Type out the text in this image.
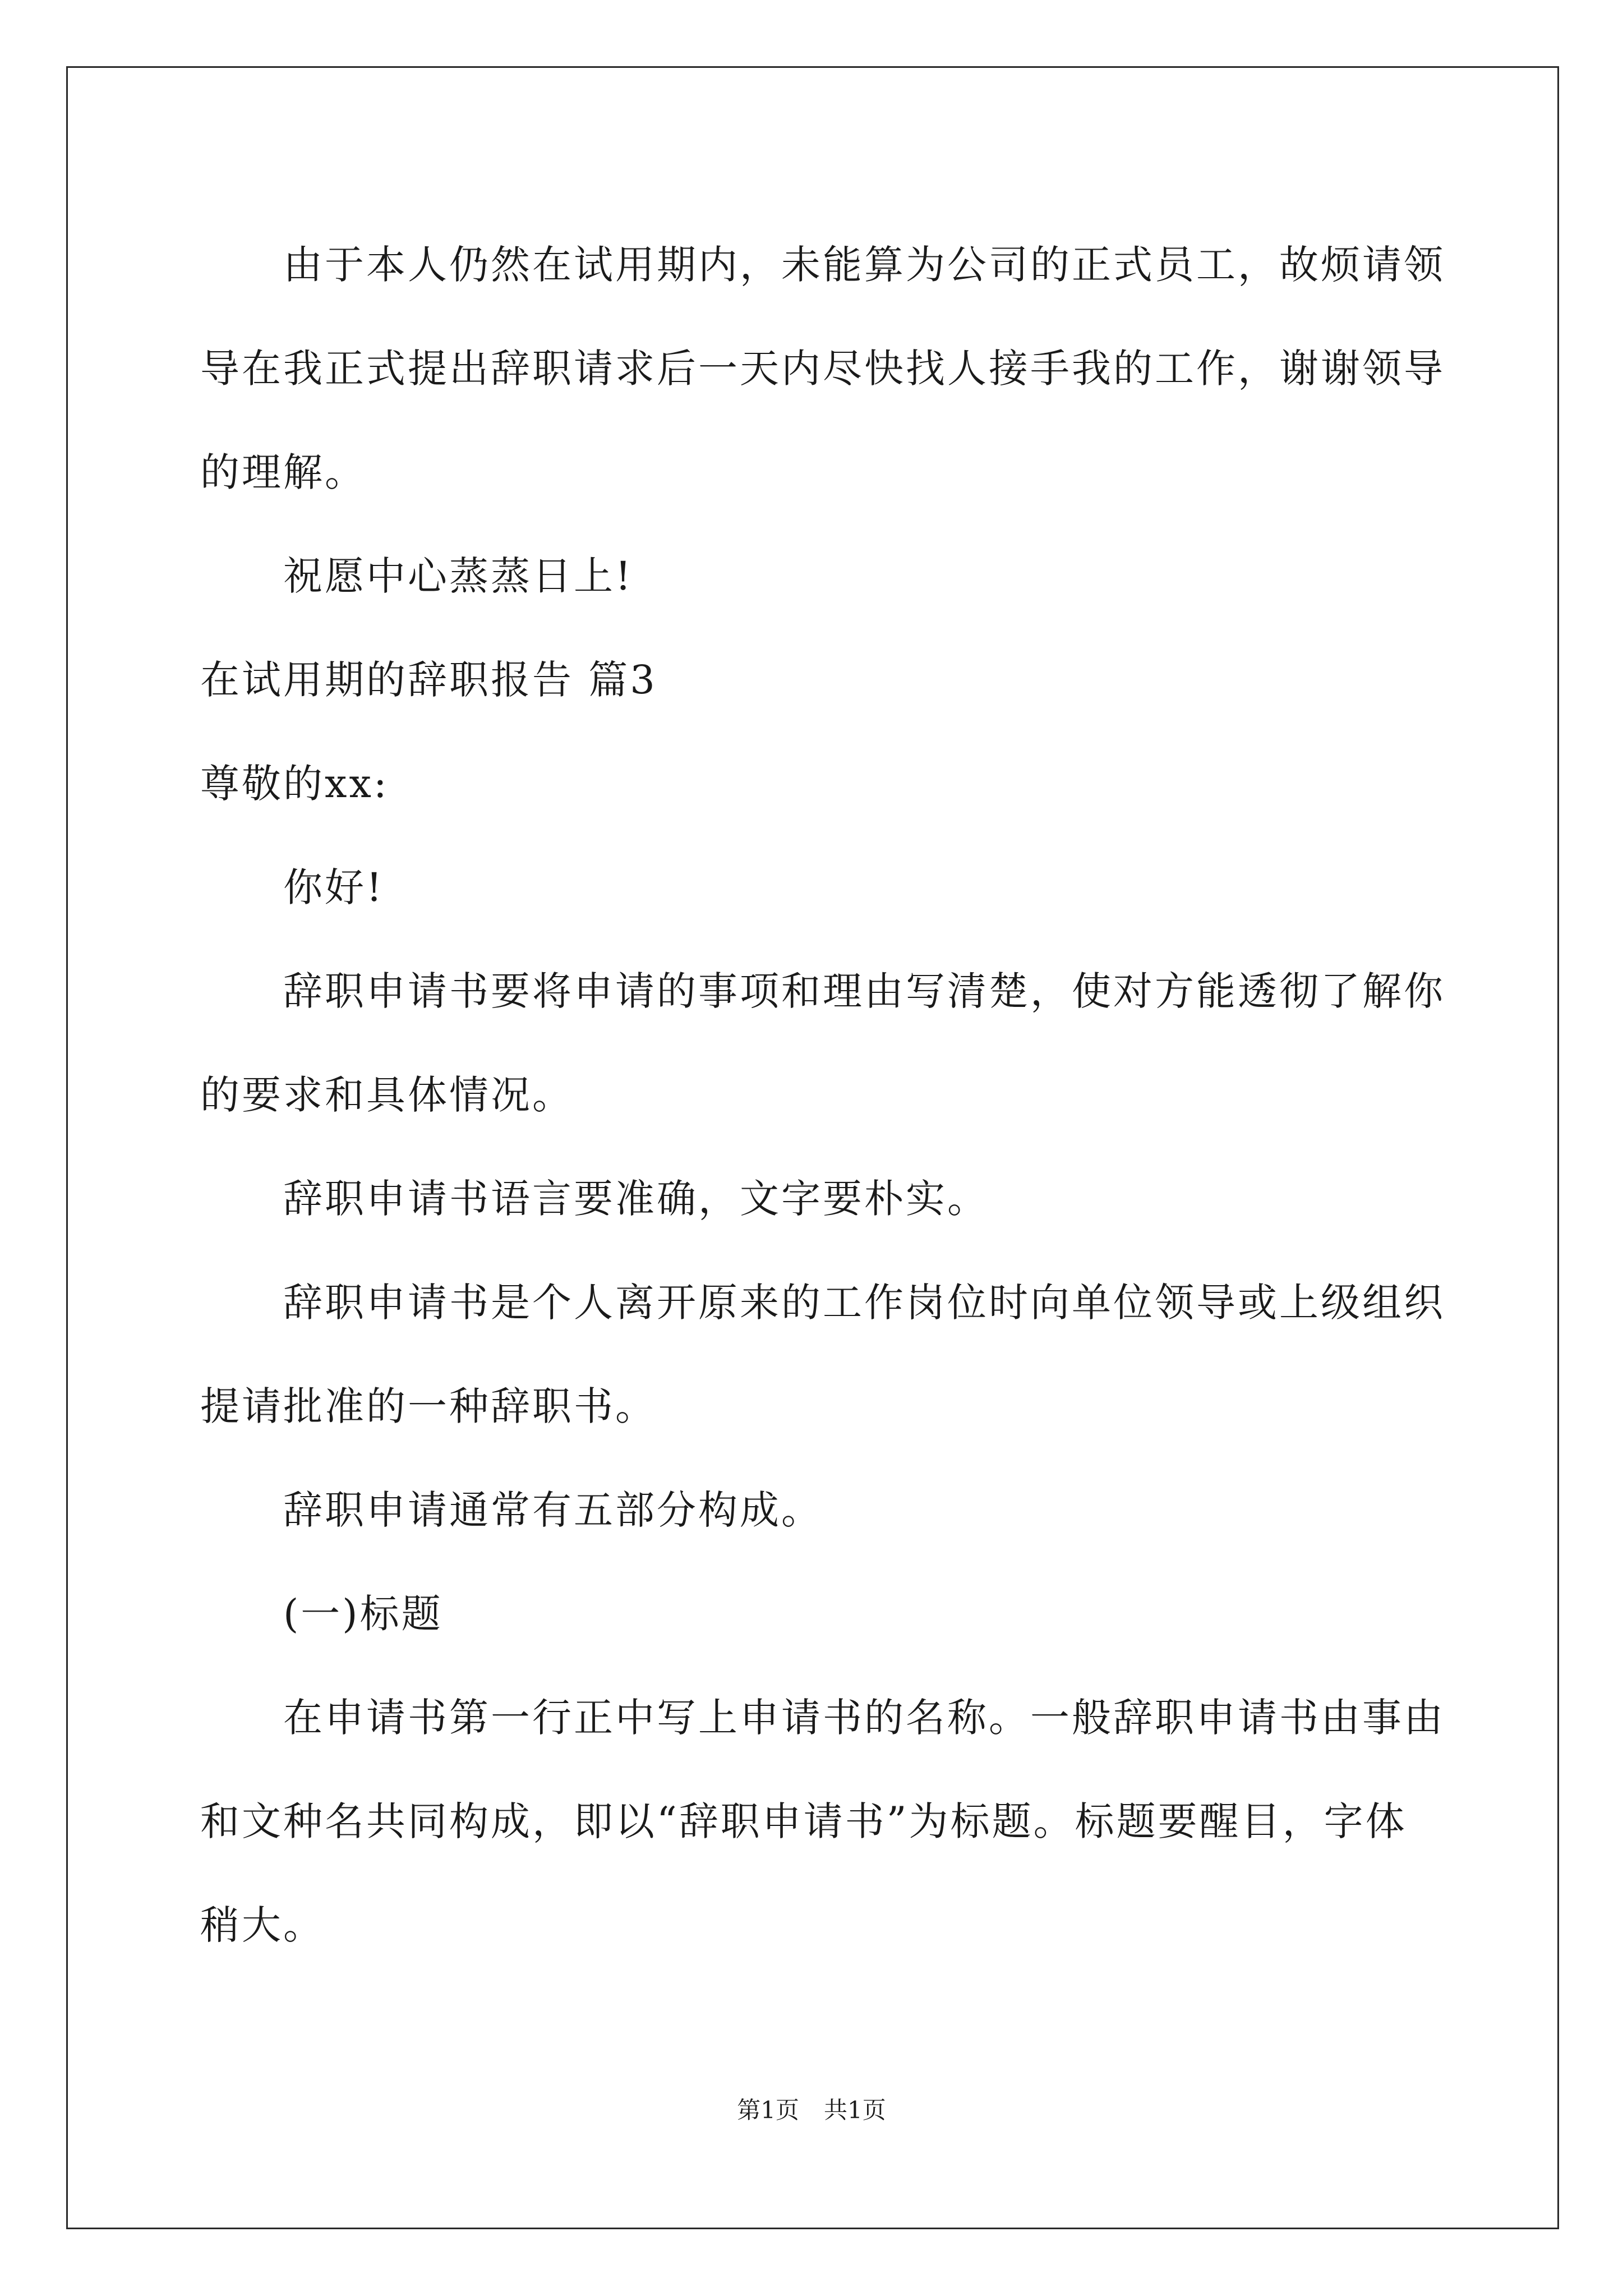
由于本人仍然在试用期内，未能算为公司的正式员工，故烦请领

导在我正式提出辞职请求后一天内尽快找人接手我的工作，谢谢领导

的理解。

祝愿中心蒸蒸日上!

在试用期的辞职报告 篇3

尊敬的xx:

你好!

辞职申请书要将申请的事项和理由写清楚，使对方能透彻了解你

的要求和具体情况。

辞职申请书语言要准确，文字要朴实。

辞职申请书是个人离开原来的工作岗位时向单位领导或上级组织

提请批准的一种辞职书。

辞职申请通常有五部分构成。

(一)标题

在申请书第一行正中写上申请书的名称。一般辞职申请书由事由

和文种名共同构成，即以“辞职申请书”为标题。标题要醒目，字体

稍大。

第1页 共1页
